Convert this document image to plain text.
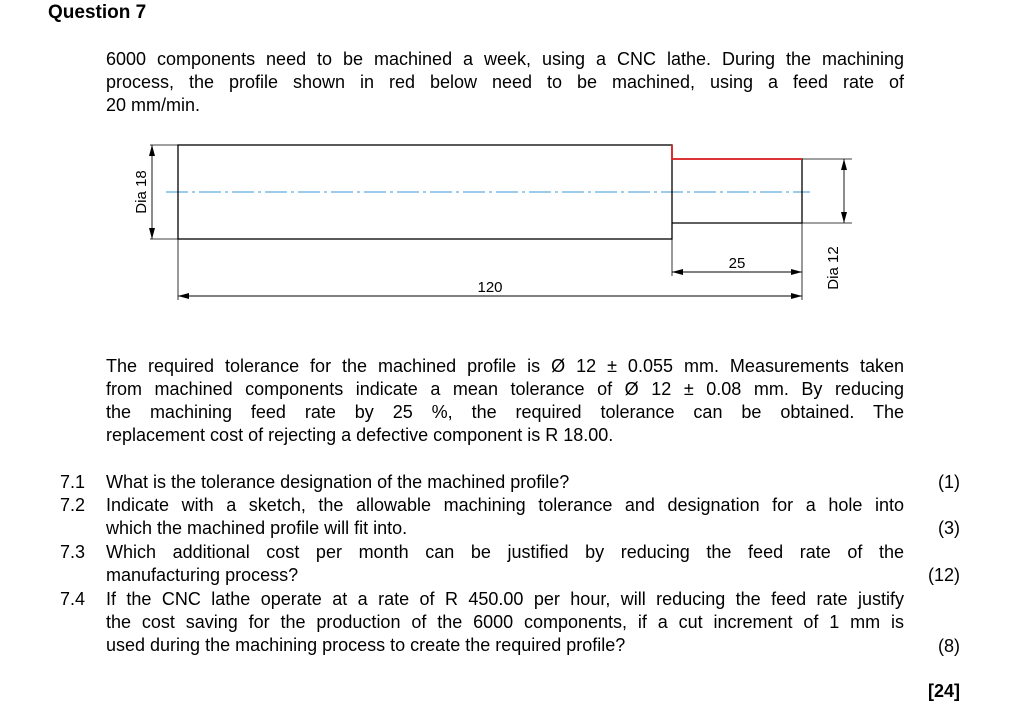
Question 7
6000 components need to be machined a week, using a CNC lathe. During the machining
process, the profile shown in red below need to be machined, using a feed rate of
20 mm/min.
Dia 18
Dia 12
25
120
The required tolerance for the machined profile is Ø 12 ± 0.055 mm. Measurements taken
from machined components indicate a mean tolerance of Ø 12 ± 0.08 mm. By reducing
the machining feed rate by 25 %, the required tolerance can be obtained. The
replacement cost of rejecting a defective component is R 18.00.
7.1 What is the tolerance designation of the machined profile?	(1)
7.2 Indicate with a sketch, the allowable machining tolerance and designation for a hole into
which the machined profile will fit into.	(3)
7.3 Which additional cost per month can be justified by reducing the feed rate of the
manufacturing process?	(12)
7.4 If the CNC lathe operate at a rate of R 450.00 per hour, will reducing the feed rate justify
the cost saving for the production of the 6000 components, if a cut increment of 1 mm is
used during the machining process to create the required profile?	(8)
[24]
